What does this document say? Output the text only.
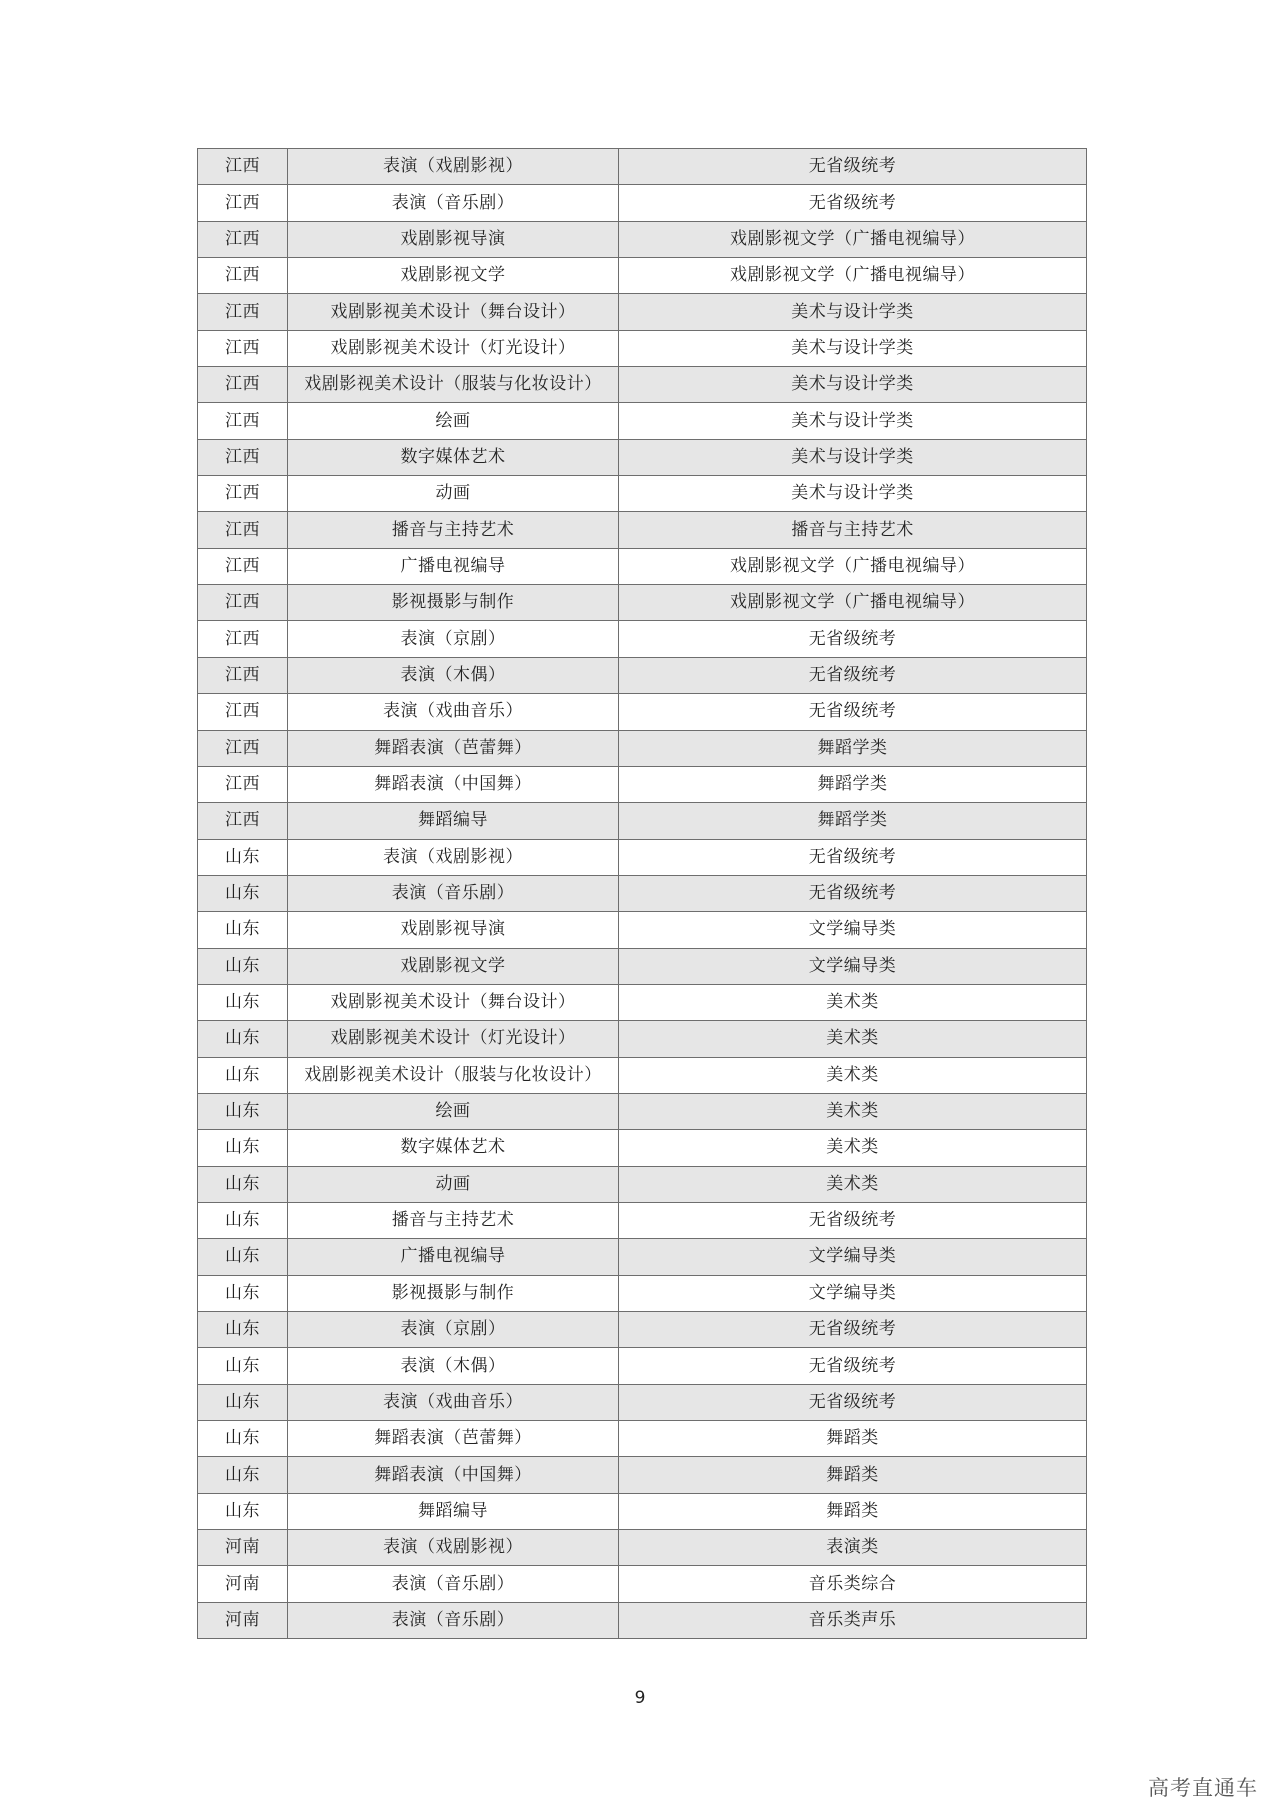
江西	表演（戏剧影视）	无省级统考
江西	表演（音乐剧）	无省级统考
江西	戏剧影视导演	戏剧影视文学（广播电视编导）
江西	戏剧影视文学	戏剧影视文学（广播电视编导）
江西	戏剧影视美术设计（舞台设计）	美术与设计学类
江西	戏剧影视美术设计（灯光设计）	美术与设计学类
江西	戏剧影视美术设计（服装与化妆设计）	美术与设计学类
江西	绘画	美术与设计学类
江西	数字媒体艺术	美术与设计学类
江西	动画	美术与设计学类
江西	播音与主持艺术	播音与主持艺术
江西	广播电视编导	戏剧影视文学（广播电视编导）
江西	影视摄影与制作	戏剧影视文学（广播电视编导）
江西	表演（京剧）	无省级统考
江西	表演（木偶）	无省级统考
江西	表演（戏曲音乐）	无省级统考
江西	舞蹈表演（芭蕾舞）	舞蹈学类
江西	舞蹈表演（中国舞）	舞蹈学类
江西	舞蹈编导	舞蹈学类
山东	表演（戏剧影视）	无省级统考
山东	表演（音乐剧）	无省级统考
山东	戏剧影视导演	文学编导类
山东	戏剧影视文学	文学编导类
山东	戏剧影视美术设计（舞台设计）	美术类
山东	戏剧影视美术设计（灯光设计）	美术类
山东	戏剧影视美术设计（服装与化妆设计）	美术类
山东	绘画	美术类
山东	数字媒体艺术	美术类
山东	动画	美术类
山东	播音与主持艺术	无省级统考
山东	广播电视编导	文学编导类
山东	影视摄影与制作	文学编导类
山东	表演（京剧）	无省级统考
山东	表演（木偶）	无省级统考
山东	表演（戏曲音乐）	无省级统考
山东	舞蹈表演（芭蕾舞）	舞蹈类
山东	舞蹈表演（中国舞）	舞蹈类
山东	舞蹈编导	舞蹈类
河南	表演（戏剧影视）	表演类
河南	表演（音乐剧）	音乐类综合
河南	表演（音乐剧）	音乐类声乐
9
高考直通车
